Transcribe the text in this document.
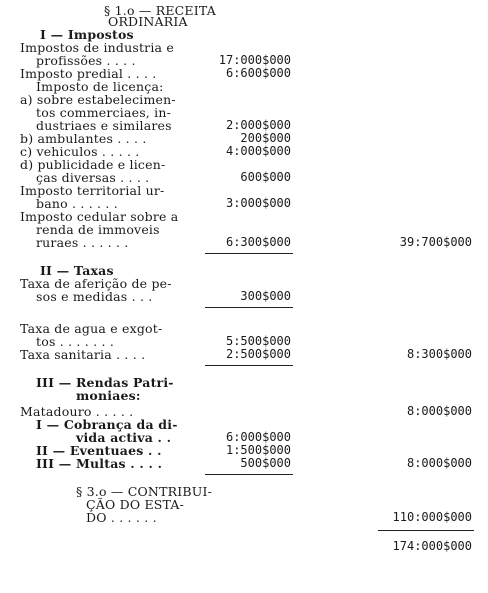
§ 1.o — RECEITA
ORDINARIA
I — Impostos
Impostos de industria e
profissões . . . .	17:000$000
Imposto predial . . . .	6:600$000
Imposto de licença:
a) sobre estabelecimen-
tos commerciaes, in-
dustriaes e similares	2:000$000
b) ambulantes . . . .	200$000
c) vehiculos . . . . .	4:000$000
d) publicidade e licen-
ças diversas . . . .	600$000
Imposto territorial ur-
bano . . . . . .	3:000$000
Imposto cedular sobre a
renda de immoveis
ruraes . . . . . .	6:300$000	39:700$000
II — Taxas
Taxa de aferição de pe-
sos e medidas . . .	300$000
Taxa de agua e exgot-
tos . . . . . . .	5:500$000
Taxa sanitaria . . . .	2:500$000	8:300$000
III — Rendas Patri-
moniaes:
Matadouro . . . . .	8:000$000
I — Cobrança da di-
vida activa . .	6:000$000
II — Eventuaes . .	1:500$000
III — Multas . . . .	500$000	8:000$000
§ 3.o — CONTRIBUI-
ÇÃO DO ESTA-
DO . . . . . .	110:000$000
174:000$000
